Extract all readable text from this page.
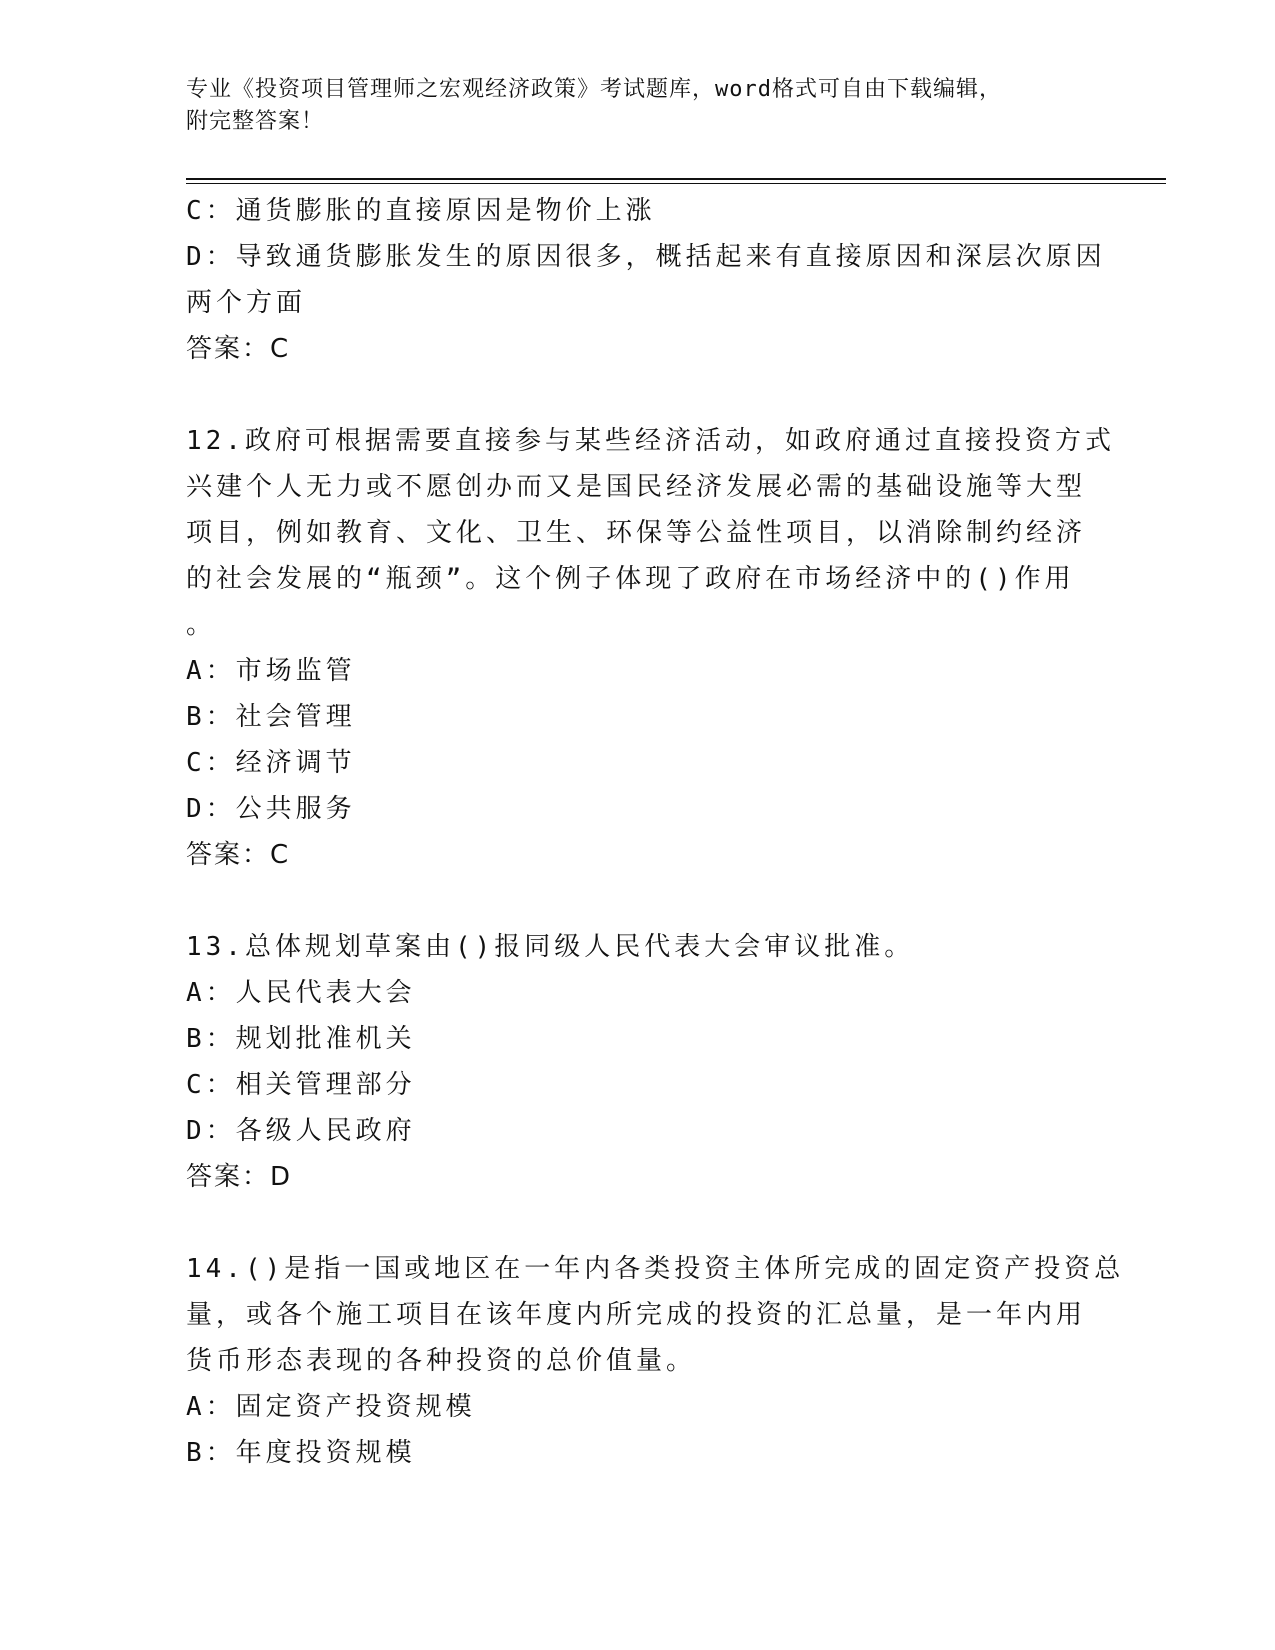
专业《投资项目管理师之宏观经济政策》考试题库，word格式可自由下载编辑，
附完整答案！
C：通货膨胀的直接原因是物价上涨
D：导致通货膨胀发生的原因很多，概括起来有直接原因和深层次原因
两个方面
答案：C
12.政府可根据需要直接参与某些经济活动，如政府通过直接投资方式
兴建个人无力或不愿创办而又是国民经济发展必需的基础设施等大型
项目，例如教育、文化、卫生、环保等公益性项目，以消除制约经济
的社会发展的“瓶颈”。这个例子体现了政府在市场经济中的()作用
。
A：市场监管
B：社会管理
C：经济调节
D：公共服务
答案：C
13.总体规划草案由()报同级人民代表大会审议批准。
A：人民代表大会
B：规划批准机关
C：相关管理部分
D：各级人民政府
答案：D
14.()是指一国或地区在一年内各类投资主体所完成的固定资产投资总
量，或各个施工项目在该年度内所完成的投资的汇总量，是一年内用
货币形态表现的各种投资的总价值量。
A：固定资产投资规模
B：年度投资规模
